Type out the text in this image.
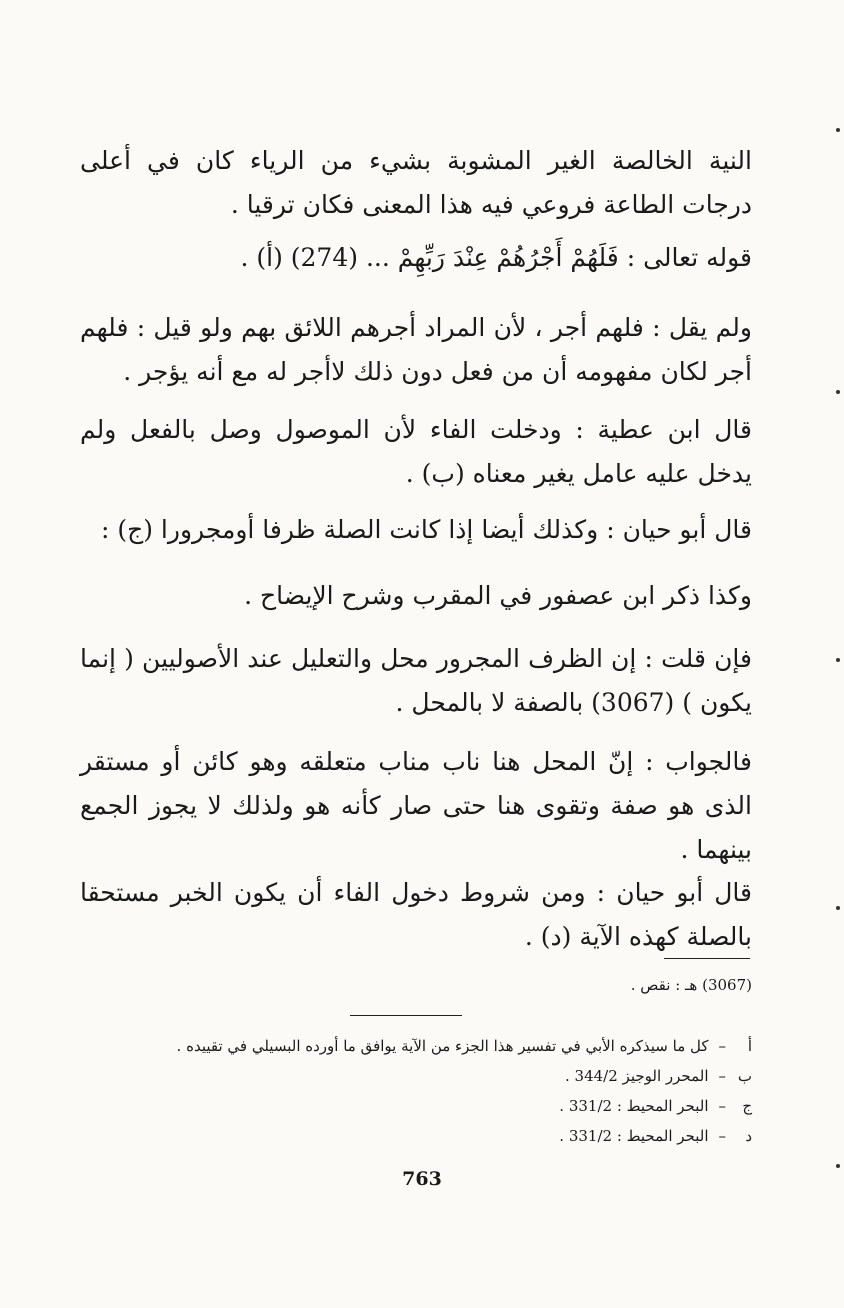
النية الخالصة الغير المشوبة بشيء من الرياء كان في أعلى درجات الطاعة فروعي فيه هذا المعنى فكان ترقيا .

قوله تعالى : فَلَهُمْ أَجْرُهُمْ عِنْدَ رَبِّهِمْ ... (274) (أ) .

ولم يقل : فلهم أجر ، لأن المراد أجرهم اللائق بهم ولو قيل : فلهم أجر لكان مفهومه أن من فعل دون ذلك لاأجر له مع أنه يؤجر .

قال ابن عطية : ودخلت الفاء لأن الموصول وصل بالفعل ولم يدخل عليه عامل يغير معناه (ب) .

قال أبو حيان : وكذلك أيضا إذا كانت الصلة ظرفا أومجرورا (ج) :

وكذا ذكر ابن عصفور في المقرب وشرح الإيضاح .

فإن قلت : إن الظرف المجرور محل والتعليل عند الأصوليين ( إنما يكون ) (3067) بالصفة لا بالمحل .

فالجواب : إنّ المحل هنا ناب مناب متعلقه وهو كائن أو مستقر الذى هو صفة وتقوى هنا حتى صار كأنه هو ولذلك لا يجوز الجمع بينهما .

قال أبو حيان : ومن شروط دخول الفاء أن يكون الخبر مستحقا بالصلة كهذه الآية (د) .

(3067) هـ : نقص .
أ–كل ما سيذكره الأبي في تفسير هذا الجزء من الآية يوافق ما أورده البسيلي في تقييده .
ب–المحرر الوجيز 344/2 .
ج–البحر المحيط : 331/2 .
د–البحر المحيط : 331/2 .
763
